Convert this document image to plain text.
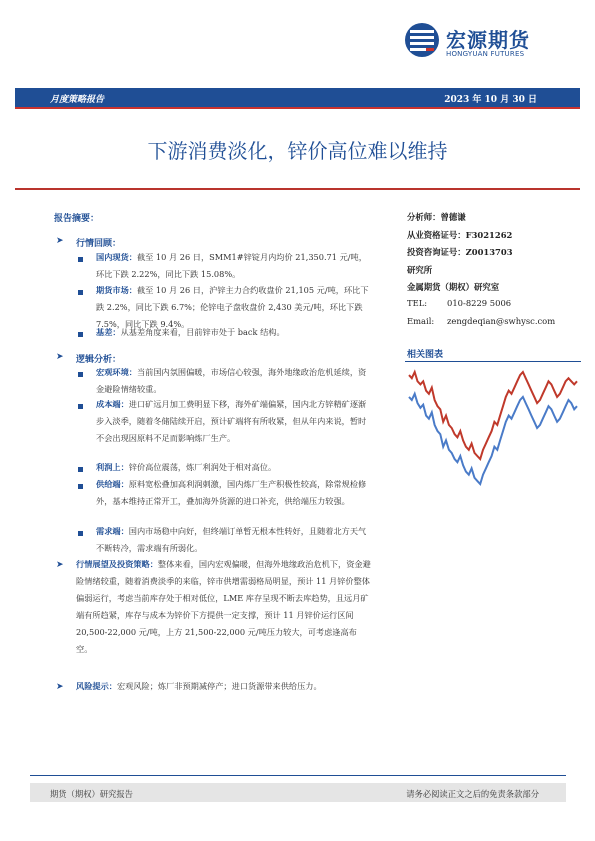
宏源期货
HONGYUAN FUTURES
月度策略报告	2023 年 10 月 30 日
下游消费淡化，锌价高位难以维持
报告摘要：
➤ 行情回顾：
国内现货：截至 10 月 26 日，SMM1#锌锭月内均价 21,350.71 元/吨，环比下跌 2.22%，同比下跌 15.08%。
期货市场：截至 10 月 26 日，沪锌主力合约收盘价 21,105 元/吨，环比下跌 2.2%，同比下跌 6.7%；伦锌电子盘收盘价 2,430 美元/吨，环比下跌 7.5%，同比下跌 9.4%。
基差：从基差角度来看，目前锌市处于 back 结构。
➤ 逻辑分析：
宏观环境：当前国内氛围偏暖，市场信心较强，海外地缘政治危机延续，资金避险情绪较重。
成本端：进口矿远月加工费明显下移，海外矿端偏紧，国内北方锌精矿逐渐步入淡季，随着冬储陆续开启，预计矿端将有所收紧，但从年内来说，暂时不会出现因原料不足而影响炼厂生产。
利润上：锌价高位震荡，炼厂利润处于相对高位。
供给端：原料宽松叠加高利润刺激，国内炼厂生产积极性较高，除常规检修外，基本维持正常开工，叠加海外货源的进口补充，供给端压力较强。
需求端：国内市场稳中向好，但终端订单暂无根本性转好，且随着北方天气不断转冷，需求端有所弱化。
➤ 行情展望及投资策略：整体来看，国内宏观偏暖，但海外地缘政治危机下，资金避险情绪较重，随着消费淡季的来临，锌市供增需弱格局明显，预计 11 月锌价整体偏弱运行，考虑当前库存处于相对低位，LME 库存呈现不断去库趋势，且远月矿端有所趋紧，库存与成本为锌价下方提供一定支撑，预计 11 月锌价运行区间 20,500-22,000 元/吨，上方 21,500-22,000 元/吨压力较大，可考虑逢高布空。
➤ 风险提示：宏观风险；炼厂非预期减停产；进口货源带来供给压力。
分析师：曾德谦
从业资格证号：F3021262
投资咨询证号：Z0013703
研究所
金属期货（期权）研究室
TEL: 010-8229 5006
Email: zengdeqian@swhysc.com
相关图表
期货（期权）研究报告	请务必阅读正文之后的免责条款部分
